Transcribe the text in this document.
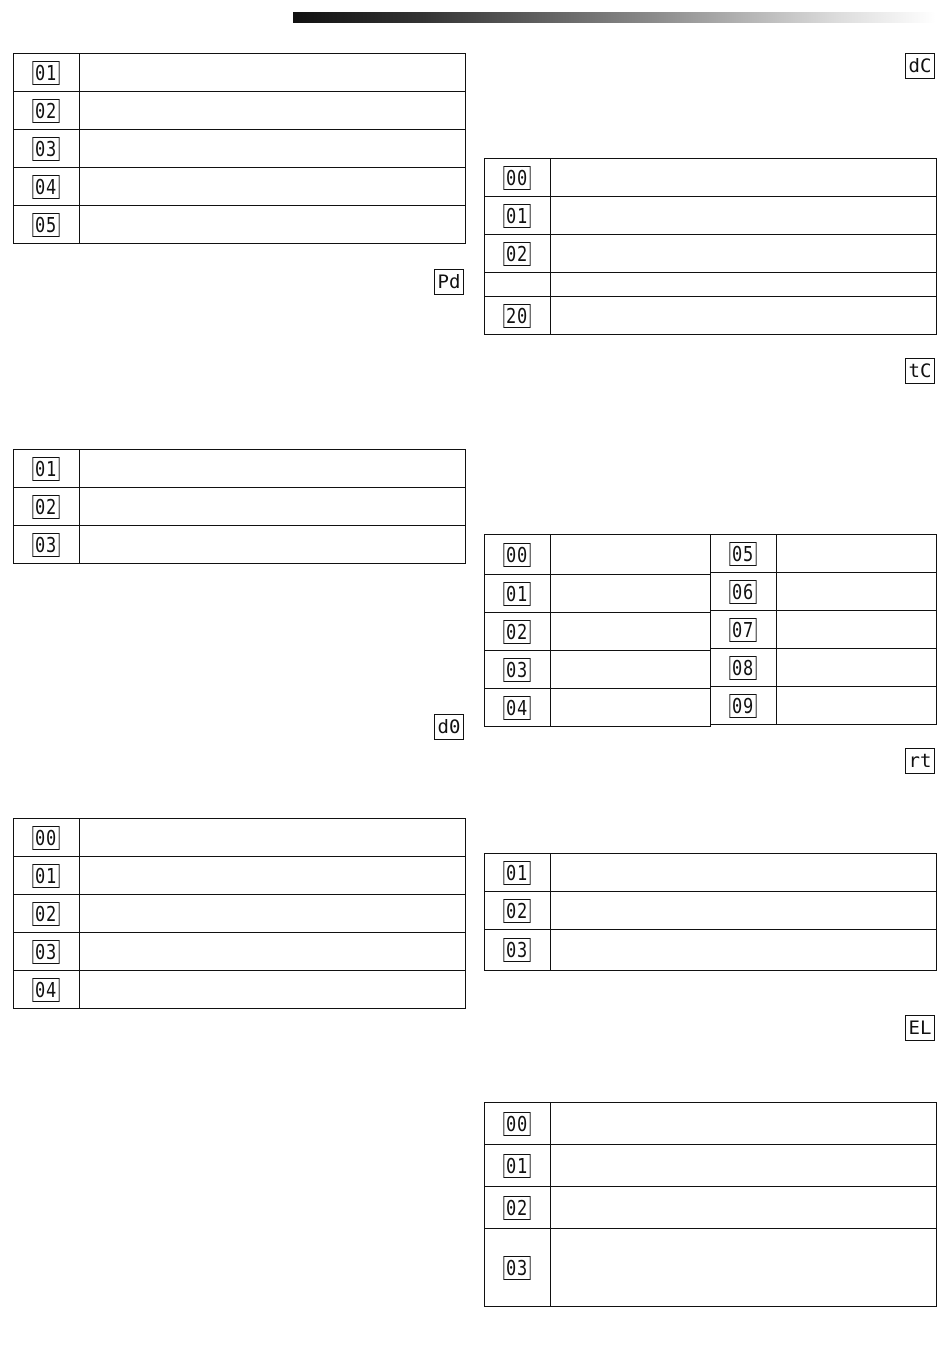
01	
02	
03	
04	
05	
Pd
01	
02	
03	
d0
00	
01	
02	
03	
04	
dC
00	
01	
02	

20	
tC
00	
01	
02	
03	
04	
05	
06	
07	
08	
09	
rt
01	
02	
03	
EL
00	
01	
02	
03	
